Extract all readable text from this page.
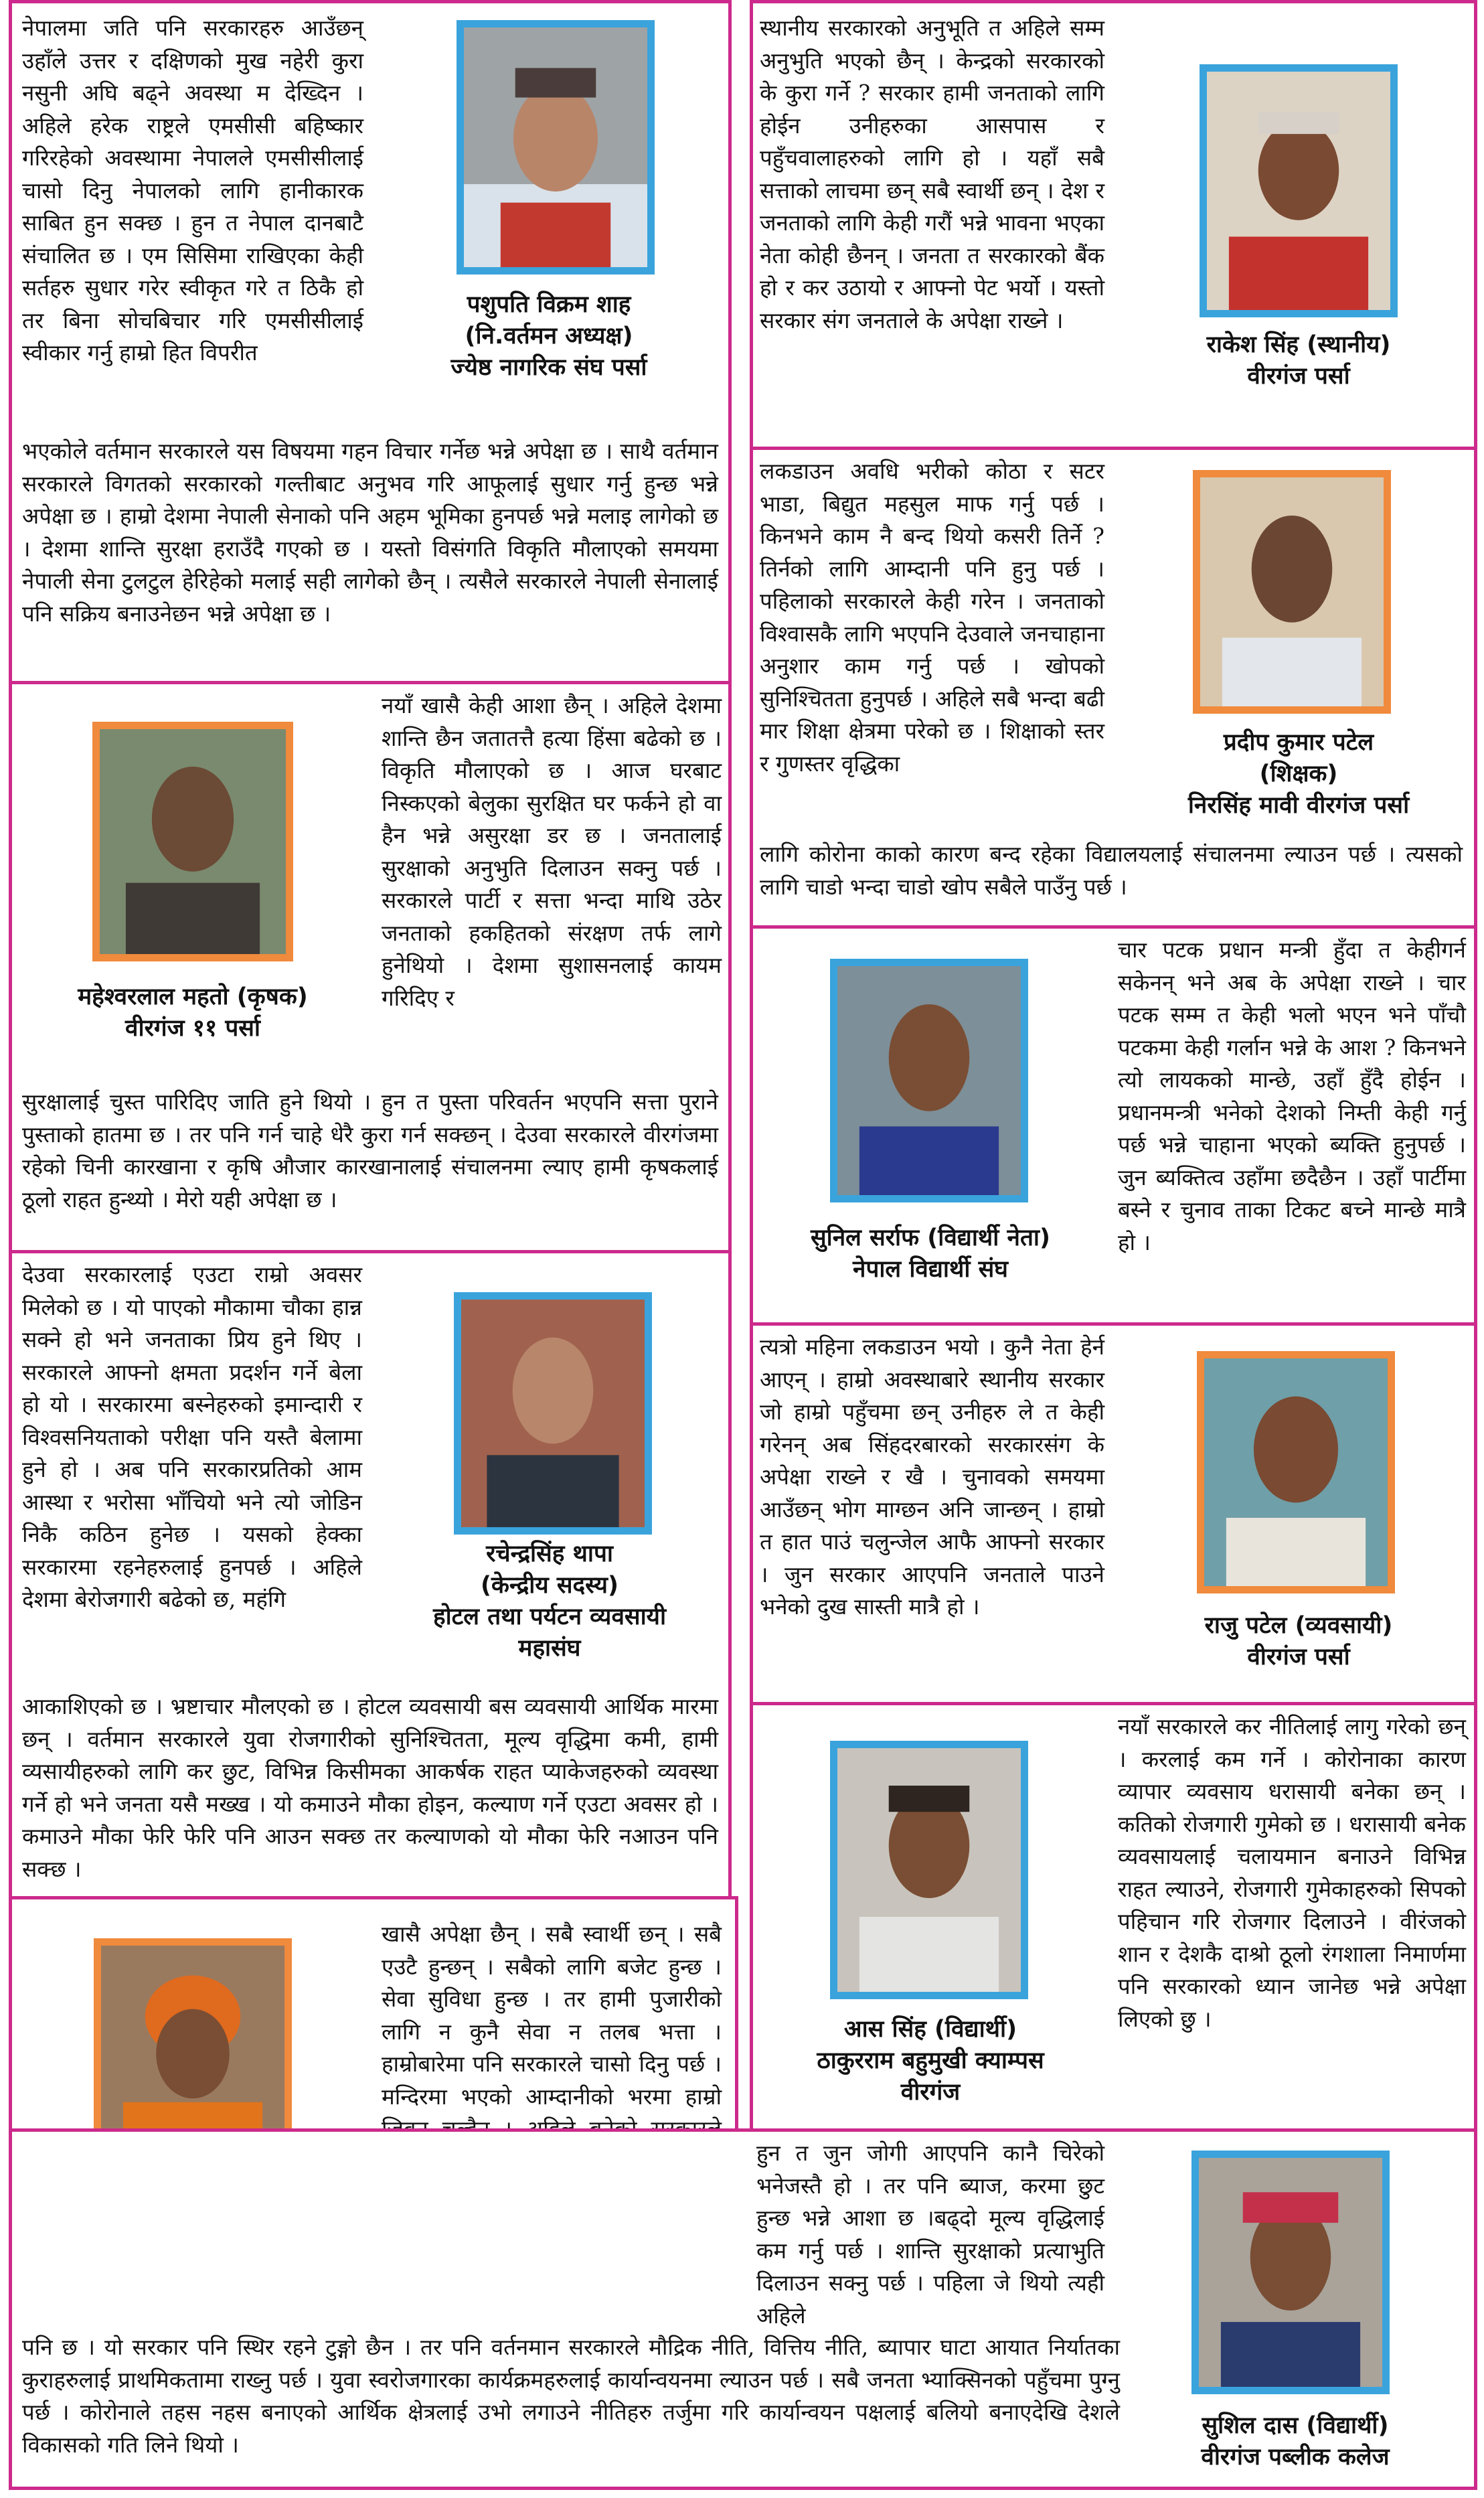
नेपालमा जति पनि सरकारहरु आउँछन् उहाँले उत्तर र दक्षिणको मुख नहेरी कुरा नसुनी अघि बढ्ने अवस्था म देख्दिन । अहिले हरेक राष्ट्रले एमसीसी बहिष्कार गरिरहेको अवस्थामा नेपालले एमसीसीलाई चासो दिनु नेपालको लागि हानीकारक साबित हुन सक्छ । हुन त नेपाल दानबाटै संचालित छ । एम सिसिमा राखिएका केही सर्तहरु सुधार गरेर स्वीकृत गरे त ठिकै हो तर बिना सोचबिचार गरि एमसीसीलाई स्वीकार गर्नु हाम्रो हित विपरीत

पशुपति विक्रम शाह
(नि.वर्तमन अध्यक्ष)
ज्येष्ठ नागरिक संघ पर्सा

भएकोले वर्तमान सरकारले यस विषयमा गहन विचार गर्नेछ भन्ने अपेक्षा छ । साथै वर्तमान सरकारले विगतको सरकारको गल्तीबाट अनुभव गरि आफूलाई सुधार गर्नु हुन्छ भन्ने अपेक्षा छ । हाम्रो देशमा नेपाली सेनाको पनि अहम भूमिका हुनपर्छ भन्ने मलाइ लागेको छ । देशमा शान्ति सुरक्षा हराउँदै गएको छ । यस्तो विसंगति विकृति मौलाएको समयमा नेपाली सेना टुलटुल हेरिहेको मलाई सही लागेको छैन् । त्यसैले सरकारले नेपाली सेनालाई पनि सक्रिय बनाउनेछन भन्ने अपेक्षा छ ।

महेश्वरलाल महतो (कृषक)
वीरगंज ११ पर्सा

नयाँ खासै केही आशा छैन् । अहिले देशमा शान्ति छैन जतातत्तै हत्या हिंसा बढेको छ । विकृति मौलाएको छ । आज घरबाट निस्कएको बेलुका सुरक्षित घर फर्कने हो वा हैन भन्ने असुरक्षा डर छ । जनतालाई सुरक्षाको अनुभुति दिलाउन सक्नु पर्छ । सरकारले पार्टी र सत्ता भन्दा माथि उठेर जनताको हकहितको संरक्षण तर्फ लागे हुनेथियो । देशमा सुशासनलाई कायम गरिदिए र

सुरक्षालाई चुस्त पारिदिए जाति हुने थियो । हुन त पुस्ता परिवर्तन भएपनि सत्ता पुराने पुस्ताको हातमा छ । तर पनि गर्न चाहे धेरै कुरा गर्न सक्छन् । देउवा सरकारले वीरगंजमा रहेको चिनी कारखाना र कृषि औजार कारखानालाई संचालनमा ल्याए हामी कृषकलाई ठूलो राहत हुन्थ्यो । मेरो यही अपेक्षा छ ।

देउवा सरकारलाई एउटा राम्रो अवसर मिलेको छ । यो पाएको मौकामा चौका हान्न सक्ने हो भने जनताका प्रिय हुने थिए । सरकारले आफ्नो क्षमता प्रदर्शन गर्ने बेला हो यो । सरकारमा बस्नेहरुको इमान्दारी र विश्वसनियताको परीक्षा पनि यस्तै बेलामा हुने हो । अब पनि सरकारप्रतिको आम आस्था र भरोसा भाँचियो भने त्यो जोडिन निकै कठिन हुनेछ । यसको हेक्का सरकारमा रहनेहरुलाई हुनपर्छ । अहिले देशमा बेरोजगारी बढेको छ, महंगि

रचेन्द्रसिंह थापा
(केन्द्रीय सदस्य)
होटल तथा पर्यटन व्यवसायी
महासंघ

आकाशिएको छ । भ्रष्टाचार मौलएको छ । होटल व्यवसायी बस व्यवसायी आर्थिक मारमा छन् । वर्तमान सरकारले युवा रोजगारीको सुनिश्चितता, मूल्य वृद्धिमा कमी, हामी व्यसायीहरुको लागि कर छुट, विभिन्न किसीमका आकर्षक राहत प्याकेजहरुको व्यवस्था गर्ने हो भने जनता यसै मख्ख । यो कमाउने मौका होइन, कल्याण गर्ने एउटा अवसर हो । कमाउने मौका फेरि फेरि पनि आउन सक्छ तर कल्याणको यो मौका फेरि नआउन पनि सक्छ ।

खासै अपेक्षा छैन् । सबै स्वार्थी छन् । सबै एउटै हुन्छन् । सबैको लागि बजेट हुन्छ । सेवा सुविधा हुन्छ । तर हामी पुजारीको लागि न कुनै सेवा न तलब भत्ता । हाम्रोबारेमा पनि सरकारले चासो दिनु पर्छ । मन्दिरमा भएको आम्दानीको भरमा हाम्रो

स्थानीय सरकारको अनुभूति त अहिले सम्म अनुभुति भएको छैन् । केन्द्रको सरकारको के कुरा गर्ने ? सरकार हामी जनताको लागि होईन उनीहरुका आसपास र पहुँचवालाहरुको लागि हो । यहाँ सबै सत्ताको लाचमा छन् सबै स्वार्थी छन् । देश र जनताको लागि केही गरौं भन्ने भावना भएका नेता कोही छैनन् । जनता त सरकारको बैंक हो र कर उठायो र आफ्नो पेट भर्यो । यस्तो सरकार संग जनताले के अपेक्षा राख्ने ।

राकेश सिंह (स्थानीय)
वीरगंज पर्सा

लकडाउन अवधि भरीको कोठा र सटर भाडा, बिद्युत महसुल माफ गर्नु पर्छ । किनभने काम नै बन्द थियो कसरी तिर्ने ? तिर्नको लागि आम्दानी पनि हुनु पर्छ । पहिलाको सरकारले केही गरेन । जनताको विश्वासकै लागि भएपनि देउवाले जनचाहाना अनुशार काम गर्नु पर्छ । खोपको सुनिश्चितता हुनुपर्छ । अहिले सबै भन्दा बढी मार शिक्षा क्षेत्रमा परेको छ । शिक्षाको स्तर र गुणस्तर वृद्धिका

प्रदीप कुमार पटेल
(शिक्षक)
निरसिंह मावी वीरगंज पर्सा

लागि कोरोना काको कारण बन्द रहेका विद्यालयलाई संचालनमा ल्याउन पर्छ । त्यसको लागि चाडो भन्दा चाडो खोप सबैले पाउँनु पर्छ ।

सुनिल सर्राफ (विद्यार्थी नेता)
नेपाल विद्यार्थी संघ

चार पटक प्रधान मन्त्री हुँदा त केहीगर्न सकेनन् भने अब के अपेक्षा राख्ने । चार पटक सम्म त केही भलो भएन भने पाँचौ पटकमा केही गर्लान भन्ने के आश ? किनभने त्यो लायकको मान्छे, उहाँ हुँदै होईन । प्रधानमन्त्री भनेको देशको निम्ती केही गर्नु पर्छ भन्ने चाहाना भएको ब्यक्ति हुनुपर्छ । जुन ब्यक्तित्व उहाँमा छदैछैन । उहाँ पार्टीमा बस्ने र चुनाव ताका टिकट बच्ने मान्छे मात्रै हो ।

त्यत्रो महिना लकडाउन भयो । कुनै नेता हेर्न आएन् । हाम्रो अवस्थाबारे स्थानीय सरकार जो हाम्रो पहुँचमा छन् उनीहरु ले त केही गरेनन् अब सिंहदरबारको सरकारसंग के अपेक्षा राख्ने र खै । चुनावको समयमा आउँछन् भोग माग्छन अनि जान्छन् । हाम्रो त हात पाउं चलुन्जेल आफै आफ्नो सरकार । जुन सरकार आएपनि जनताले पाउने भनेको दुख सास्ती मात्रै हो ।

राजु पटेल (व्यवसायी)
वीरगंज पर्सा
आस सिंह (विद्यार्थी)
ठाकुरराम बहुमुखी क्याम्पस
वीरगंज

नयाँ सरकारले कर नीतिलाई लागु गरेको छन् । करलाई कम गर्ने । कोरोनाका कारण व्यापार व्यवसाय धरासायी बनेका छन् । कतिको रोजगारी गुमेको छ । धरासायी बनेक व्यवसायलाई चलायमान बनाउने विभिन्न राहत ल्याउने, रोजगारी गुमेकाहरुको सिपको पहिचान गरि रोजगार दिलाउने । वीरंजको शान र देशकै दाश्रो ठूलो रंगशाला निमार्णमा पनि सरकारको ध्यान जानेछ भन्ने अपेक्षा लिएको छु ।

हुन त जुन जोगी आएपनि कानै चिरेको भनेजस्तै हो । तर पनि ब्याज, करमा छुट हुन्छ भन्ने आशा छ ।बढ्दो मूल्य वृद्धिलाई कम गर्नु पर्छ । शान्ति सुरक्षाको प्रत्याभुति दिलाउन सक्नु पर्छ । पहिला जे थियो त्यही अहिले

सुशिल दास (विद्यार्थी)
वीरगंज पब्लीक कलेज

पनि छ । यो सरकार पनि स्थिर रहने टुङ्गो छैन । तर पनि वर्तनमान सरकारले मौद्रिक नीति, वित्तिय नीति, ब्यापार घाटा आयात निर्यातका कुराहरुलाई प्राथमिकतामा राख्नु पर्छ । युवा स्वरोजगारका कार्यक्रमहरुलाई कार्यान्वयनमा ल्याउन पर्छ । सबै जनता भ्याक्सिनको पहुँचमा पुग्नु पर्छ । कोरोनाले तहस नहस बनाएको आर्थिक क्षेत्रलाई उभो लगाउने नीतिहरु तर्जुमा गरि कार्यान्वयन पक्षलाई बलियो बनाएदेखि देशले विकासको गति लिने थियो ।
